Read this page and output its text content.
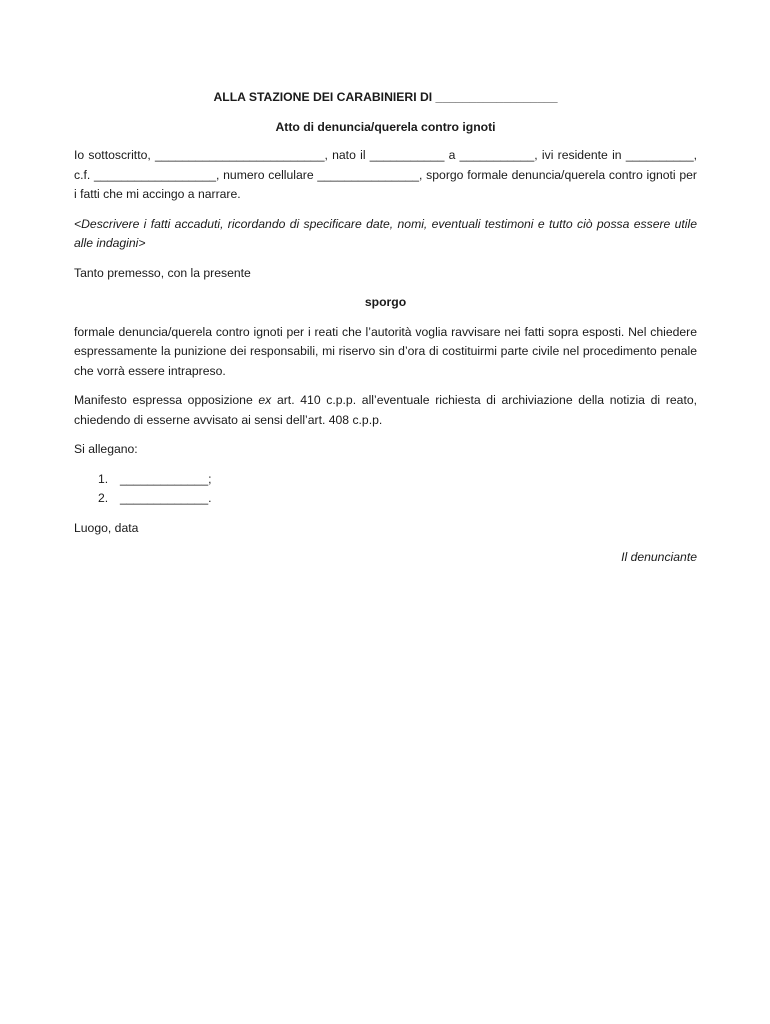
ALLA STAZIONE DEI CARABINIERI DI __________________

Atto di denuncia/querela contro ignoti

Io sottoscritto, _________________________, nato il ___________ a ___________, ivi residente in __________, c.f. __________________, numero cellulare _______________, sporgo formale denuncia/querela contro ignoti per i fatti che mi accingo a narrare.

<Descrivere i fatti accaduti, ricordando di specificare date, nomi, eventuali testimoni e tutto ciò possa essere utile alle indagini>

Tanto premesso, con la presente

sporgo

formale denuncia/querela contro ignoti per i reati che l’autorità voglia ravvisare nei fatti sopra esposti. Nel chiedere espressamente la punizione dei responsabili, mi riservo sin d’ora di costituirmi parte civile nel procedimento penale che vorrà essere intrapreso.

Manifesto espressa opposizione ex art. 410 c.p.p. all’eventuale richiesta di archiviazione della notizia di reato, chiedendo di esserne avvisato ai sensi dell’art. 408 c.p.p.

Si allegano:

1. _____________;
2. _____________.

Luogo, data

Il denunciante
